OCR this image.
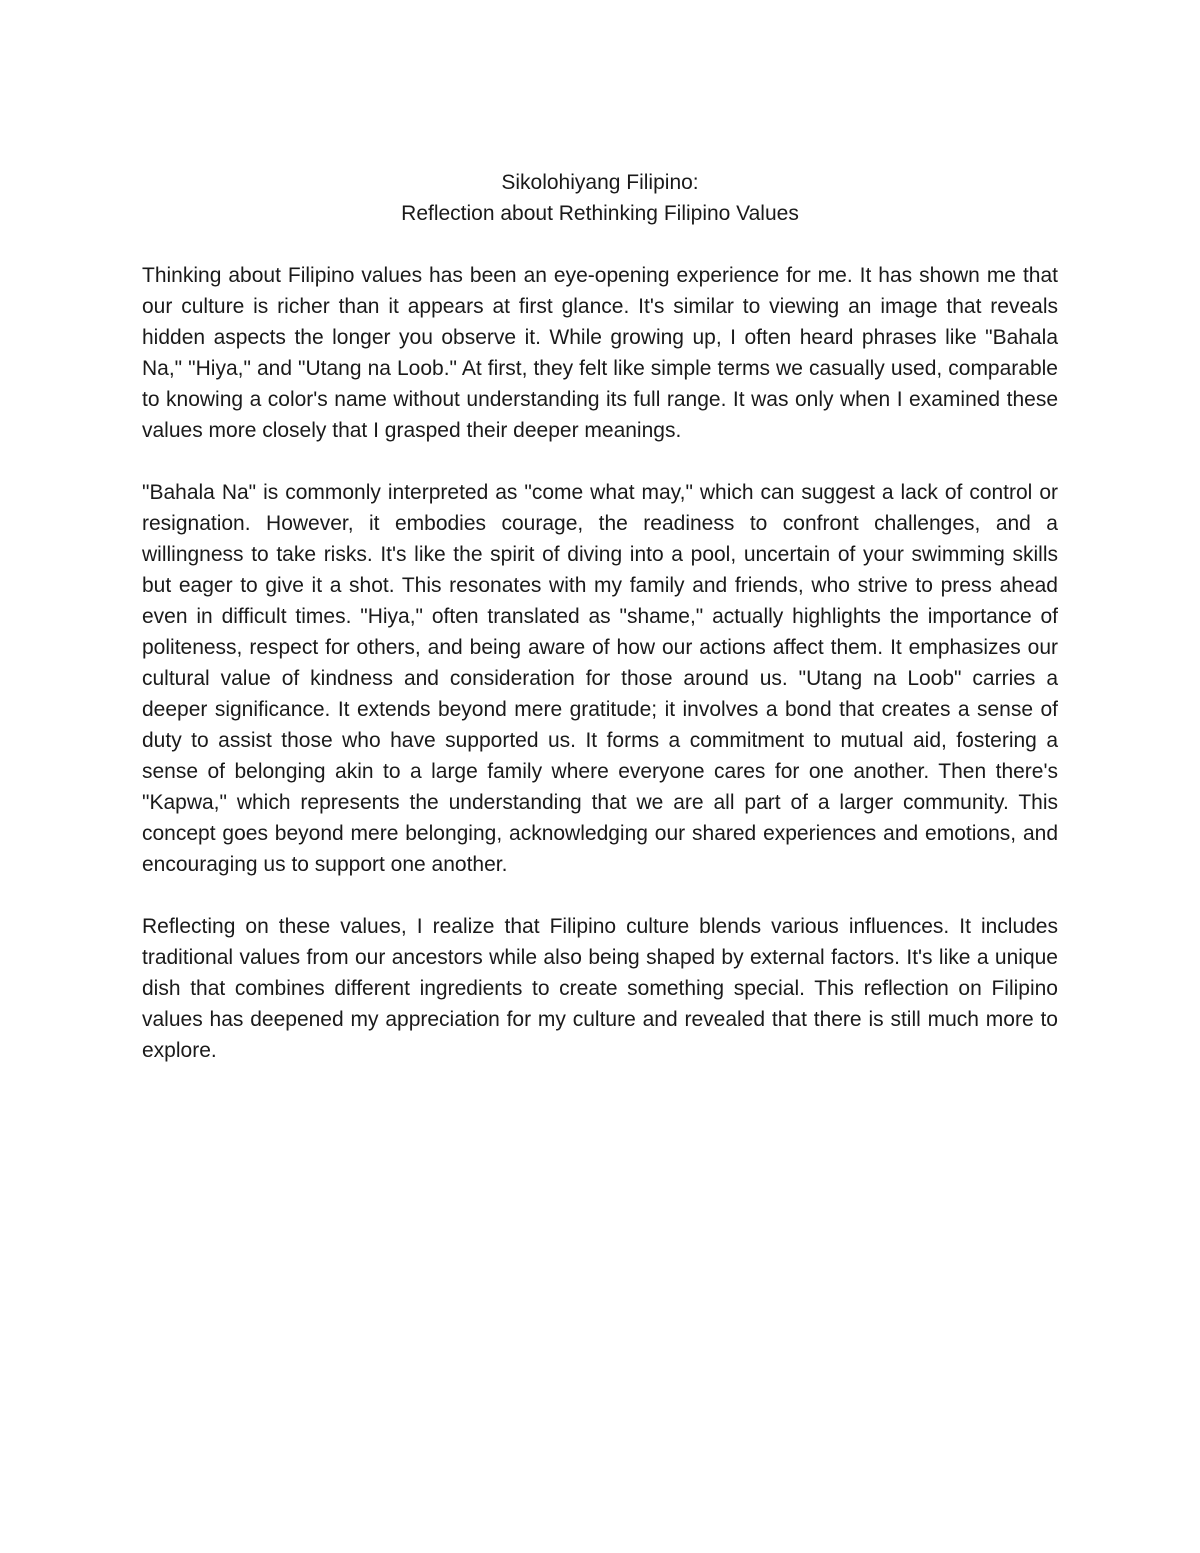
Sikolohiyang Filipino:
Reflection about Rethinking Filipino Values

Thinking about Filipino values has been an eye-opening experience for me. It has shown me that our culture is richer than it appears at first glance. It's similar to viewing an image that reveals hidden aspects the longer you observe it. While growing up, I often heard phrases like "Bahala Na," "Hiya," and "Utang na Loob." At first, they felt like simple terms we casually used, comparable to knowing a color's name without understanding its full range. It was only when I examined these values more closely that I grasped their deeper meanings.

"Bahala Na" is commonly interpreted as "come what may," which can suggest a lack of control or resignation. However, it embodies courage, the readiness to confront challenges, and a willingness to take risks. It's like the spirit of diving into a pool, uncertain of your swimming skills but eager to give it a shot. This resonates with my family and friends, who strive to press ahead even in difficult times. "Hiya," often translated as "shame," actually highlights the importance of politeness, respect for others, and being aware of how our actions affect them. It emphasizes our cultural value of kindness and consideration for those around us. "Utang na Loob" carries a deeper significance. It extends beyond mere gratitude; it involves a bond that creates a sense of duty to assist those who have supported us. It forms a commitment to mutual aid, fostering a sense of belonging akin to a large family where everyone cares for one another. Then there's "Kapwa," which represents the understanding that we are all part of a larger community. This concept goes beyond mere belonging, acknowledging our shared experiences and emotions, and encouraging us to support one another.

Reflecting on these values, I realize that Filipino culture blends various influences. It includes traditional values from our ancestors while also being shaped by external factors. It's like a unique dish that combines different ingredients to create something special. This reflection on Filipino values has deepened my appreciation for my culture and revealed that there is still much more to explore.
